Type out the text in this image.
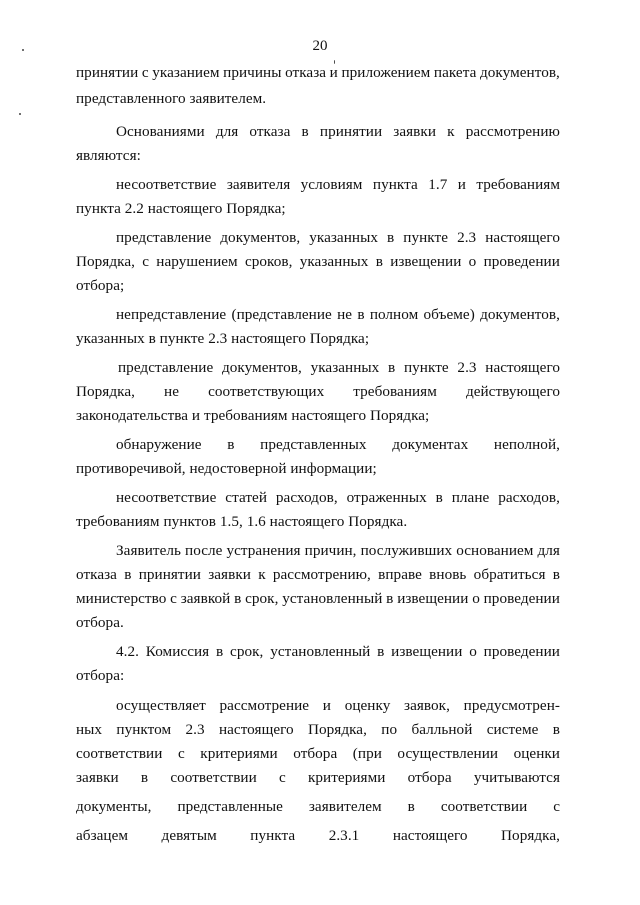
20
принятии с указанием причины отказа и приложением пакета документов,
представленного заявителем.
Основаниями для отказа в принятии заявки к рассмотрению
являются:
несоответствие заявителя условиям пункта 1.7 и требованиям
пункта 2.2 настоящего Порядка;
представление документов, указанных в пункте 2.3 настоящего
Порядка, с нарушением сроков, указанных в извещении о проведении
отбора;
непредставление (представление не в полном объеме) документов,
указанных в пункте 2.3 настоящего Порядка;
представление документов, указанных в пункте 2.3 настоящего
Порядка, не соответствующих требованиям действующего
законодательства и требованиям настоящего Порядка;
обнаружение в представленных документах неполной,
противоречивой, недостоверной информации;
несоответствие статей расходов, отраженных в плане расходов,
требованиям пунктов 1.5, 1.6 настоящего Порядка.
Заявитель после устранения причин, послуживших основанием для
отказа в принятии заявки к рассмотрению, вправе вновь обратиться в
министерство с заявкой в срок, установленный в извещении о проведении
отбора.
4.2. Комиссия в срок, установленный в извещении о проведении
отбора:
осуществляет рассмотрение и оценку заявок, предусмотрен-
ных пунктом 2.3 настоящего Порядка, по балльной системе в
соответствии с критериями отбора (при осуществлении оценки
заявки в соответствии с критериями отбора учитываются
документы, представленные заявителем в соответствии с
абзацем девятым пункта 2.3.1 настоящего Порядка,
